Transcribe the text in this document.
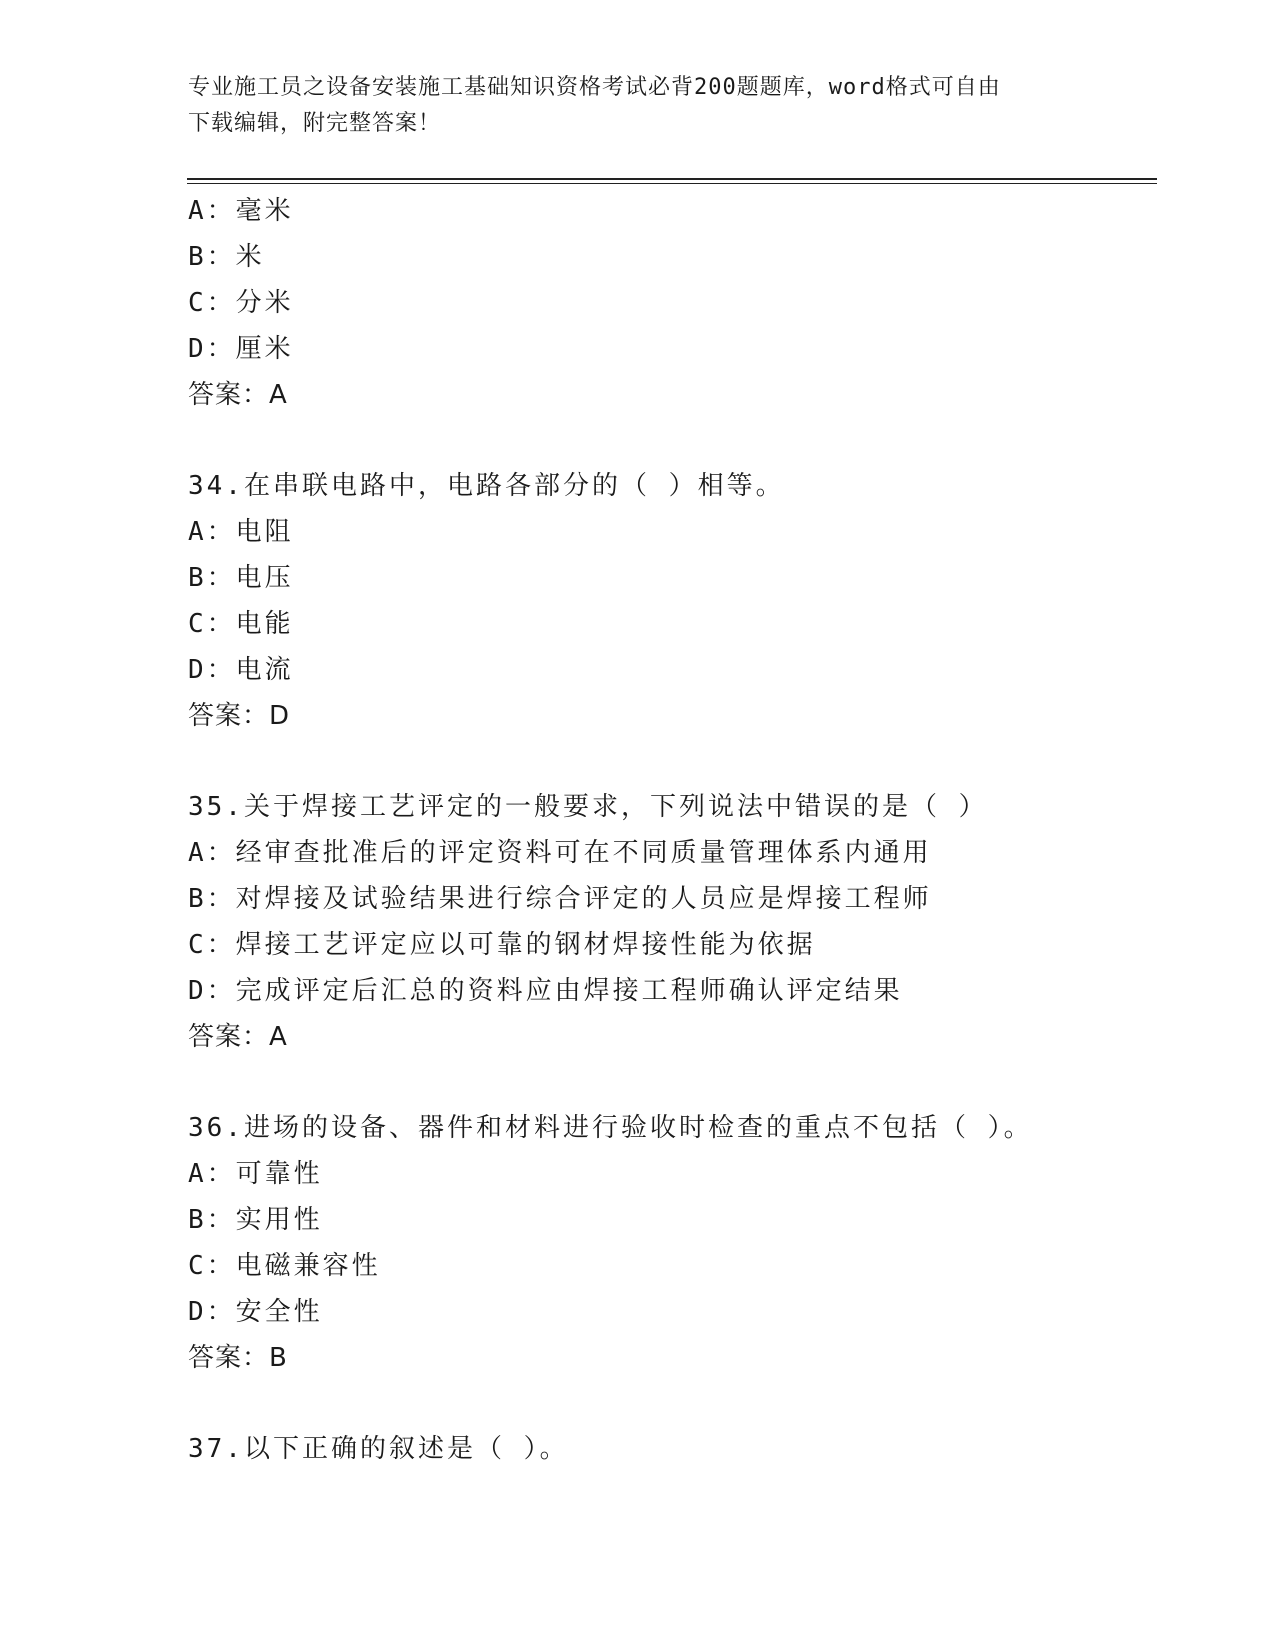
专业施工员之设备安装施工基础知识资格考试必背200题题库，word格式可自由
下载编辑，附完整答案！
A：毫米
B：米
C：分米
D：厘米
答案：A
34.在串联电路中，电路各部分的（ ）相等。
A：电阻
B：电压
C：电能
D：电流
答案：D
35.关于焊接工艺评定的一般要求，下列说法中错误的是（ ）
A：经审查批准后的评定资料可在不同质量管理体系内通用
B：对焊接及试验结果进行综合评定的人员应是焊接工程师
C：焊接工艺评定应以可靠的钢材焊接性能为依据
D：完成评定后汇总的资料应由焊接工程师确认评定结果
答案：A
36.进场的设备、器件和材料进行验收时检查的重点不包括（ ）。
A：可靠性
B：实用性
C：电磁兼容性
D：安全性
答案：B
37.以下正确的叙述是（ ）。
